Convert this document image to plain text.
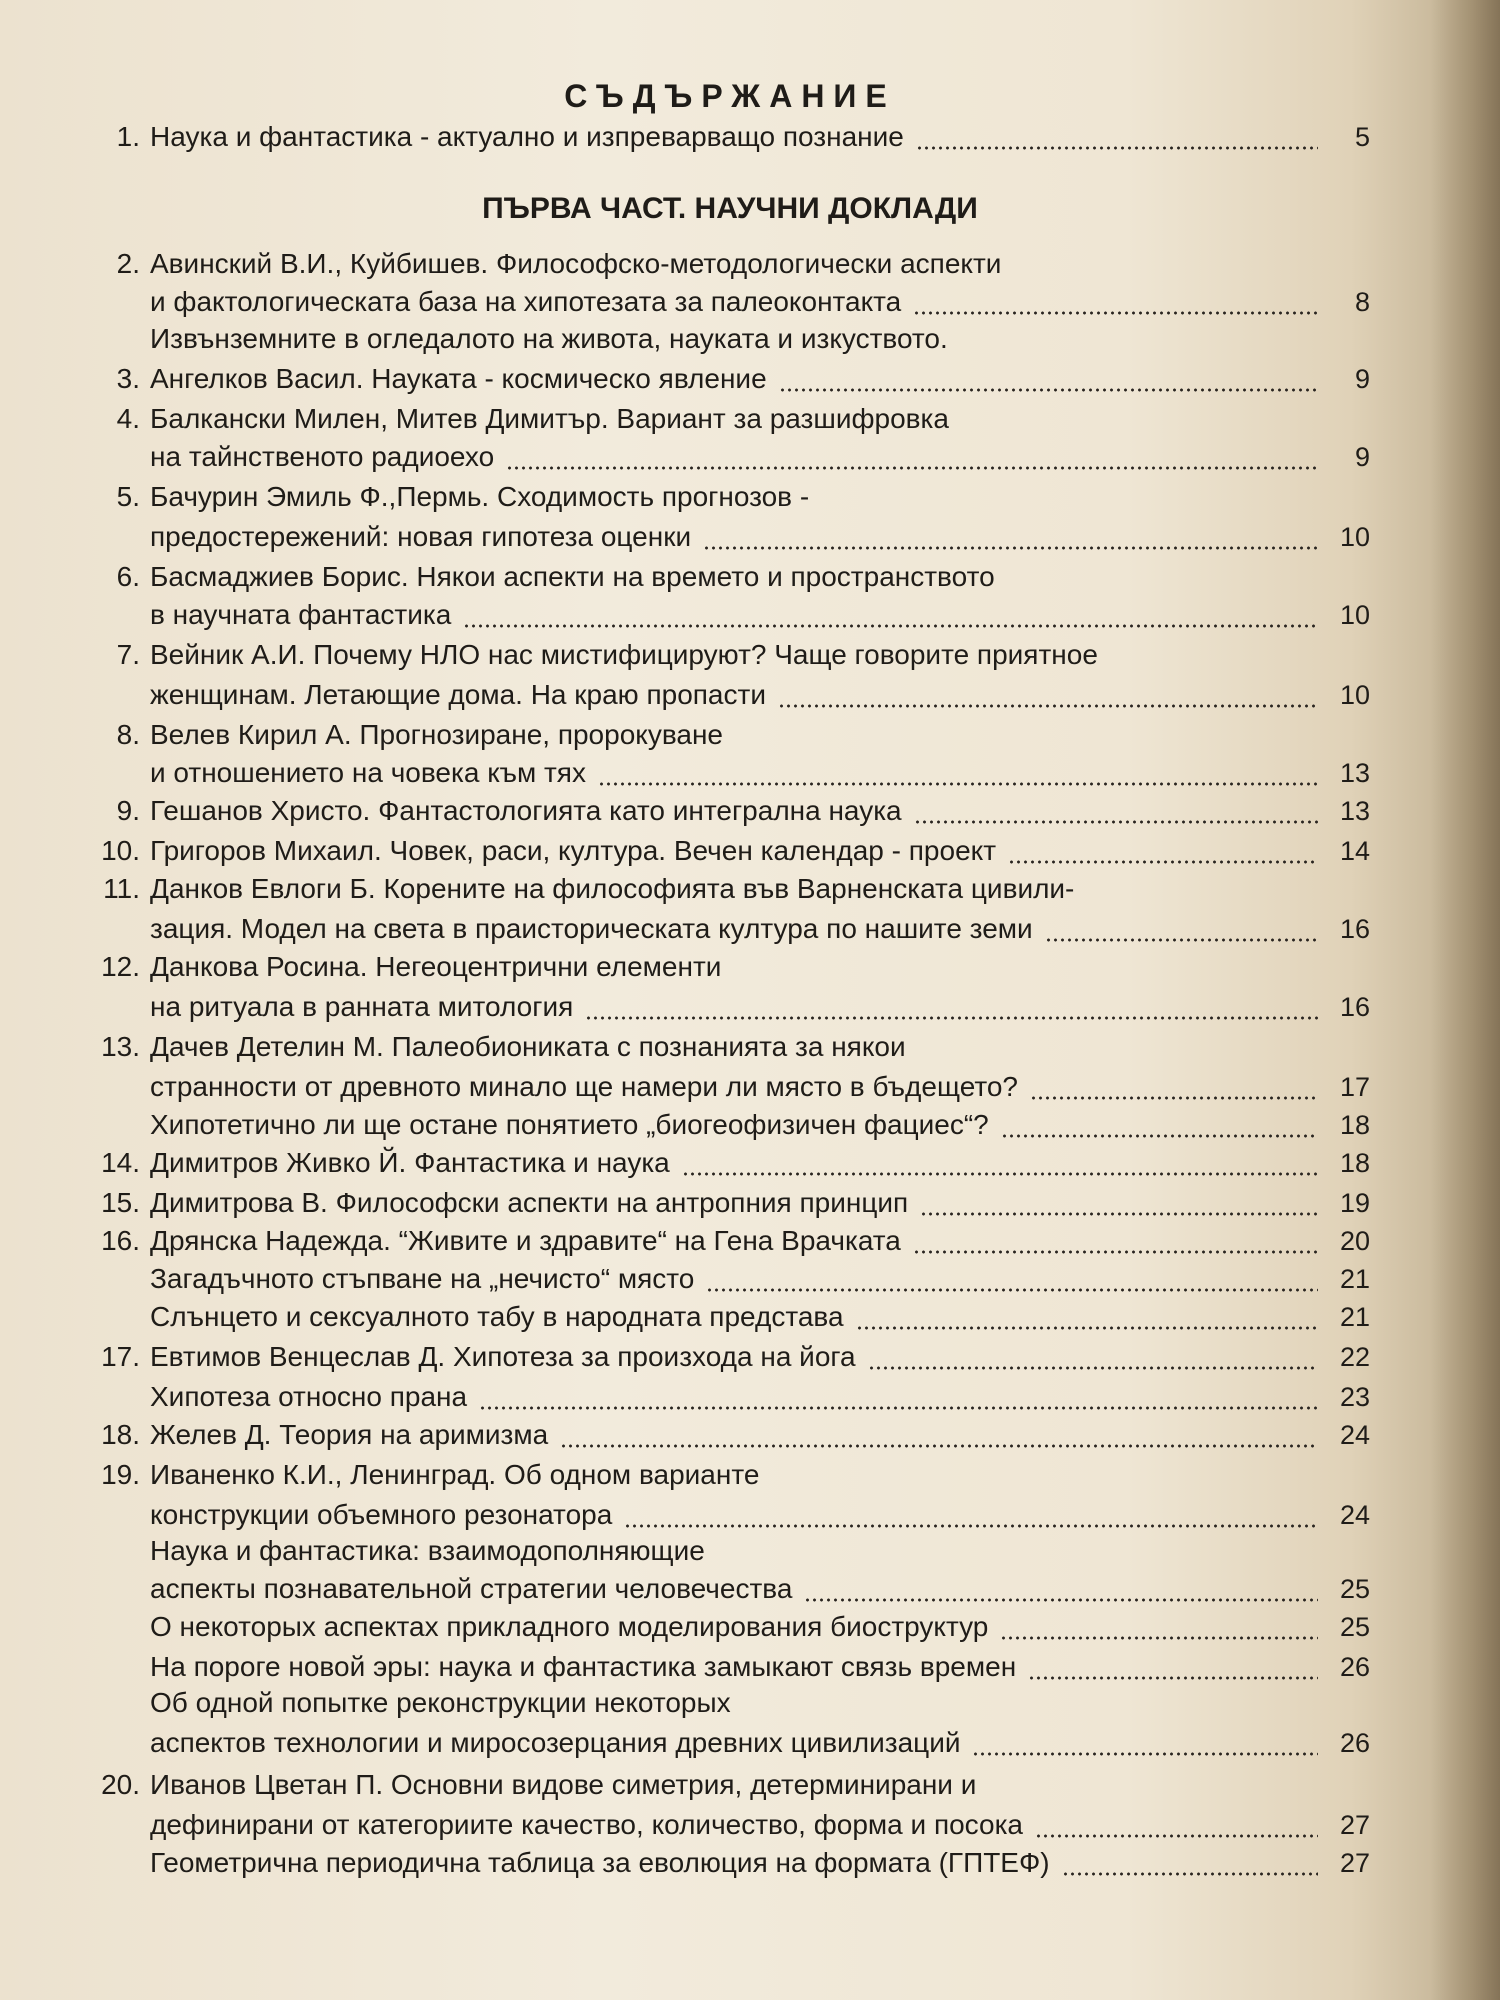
СЪДЪРЖАНИЕ
ПЪРВА ЧАСТ. НАУЧНИ ДОКЛАДИ
1. Наука и фантастика - актуално и изпреварващо познание	5
2. Авинский В.И., Куйбишев. Философско-методологически аспекти
и фактологическата база на хипотезата за палеоконтакта	8
Извънземните в огледалото на живота, науката и изкуството.
3. Ангелков Васил. Науката - космическо явление	9
4. Балкански Милен, Митев Димитър. Вариант за разшифровка
на тайнственото радиоехо	9
5. Бачурин Эмиль Ф.,Пермь. Сходимость прогнозов -
предостережений: новая гипотеза оценки	10
6. Басмаджиев Борис. Някои аспекти на времето и пространството
в научната фантастика	10
7. Вейник А.И. Почему НЛО нас мистифицируют? Чаще говорите приятное
женщинам. Летающие дома. На краю пропасти	10
8. Велев Кирил А. Прогнозиране, пророкуване
и отношението на човека към тях	13
9. Гешанов Христо. Фантастологията като интегрална наука	13
10. Григоров Михаил. Човек, раси, култура. Вечен календар - проект	14
11. Данков Евлоги Б. Корените на философията във Варненската цивили-
зация. Модел на света в праисторическата култура по нашите земи	16
12. Данкова Росина. Негеоцентрични елементи
на ритуала в ранната митология	16
13. Дачев Детелин М. Палеобиониката с познанията за някои
странности от древното минало ще намери ли място в бъдещето?	17
Хипотетично ли ще остане понятието „биогеофизичен фациес“?	18
14. Димитров Живко Й. Фантастика и наука	18
15. Димитрова В. Философски аспекти на антропния принцип	19
16. Дрянска Надежда. “Живите и здравите“ на Гена Врачката	20
Загадъчното стъпване на „нечисто“ място	21
Слънцето и сексуалното табу в народната представа	21
17. Евтимов Венцеслав Д. Хипотеза за произхода на йога	22
Хипотеза относно прана	23
18. Желев Д. Теория на аримизма	24
19. Иваненко К.И., Ленинград. Об одном варианте
конструкции объемного резонатора	24
Наука и фантастика: взаимодополняющие
аспекты познавательной стратегии человечества	25
О некоторых аспектах прикладного моделирования биоструктур	25
На пороге новой эры: наука и фантастика замыкают связь времен	26
Об одной попытке реконструкции некоторых
аспектов технологии и миросозерцания древних цивилизаций	26
20. Иванов Цветан П. Основни видове симетрия, детерминирани и
дефинирани от категориите качество, количество, форма и посока	27
Геометрична периодична таблица за еволюция на формата (ГПТЕФ)	27
